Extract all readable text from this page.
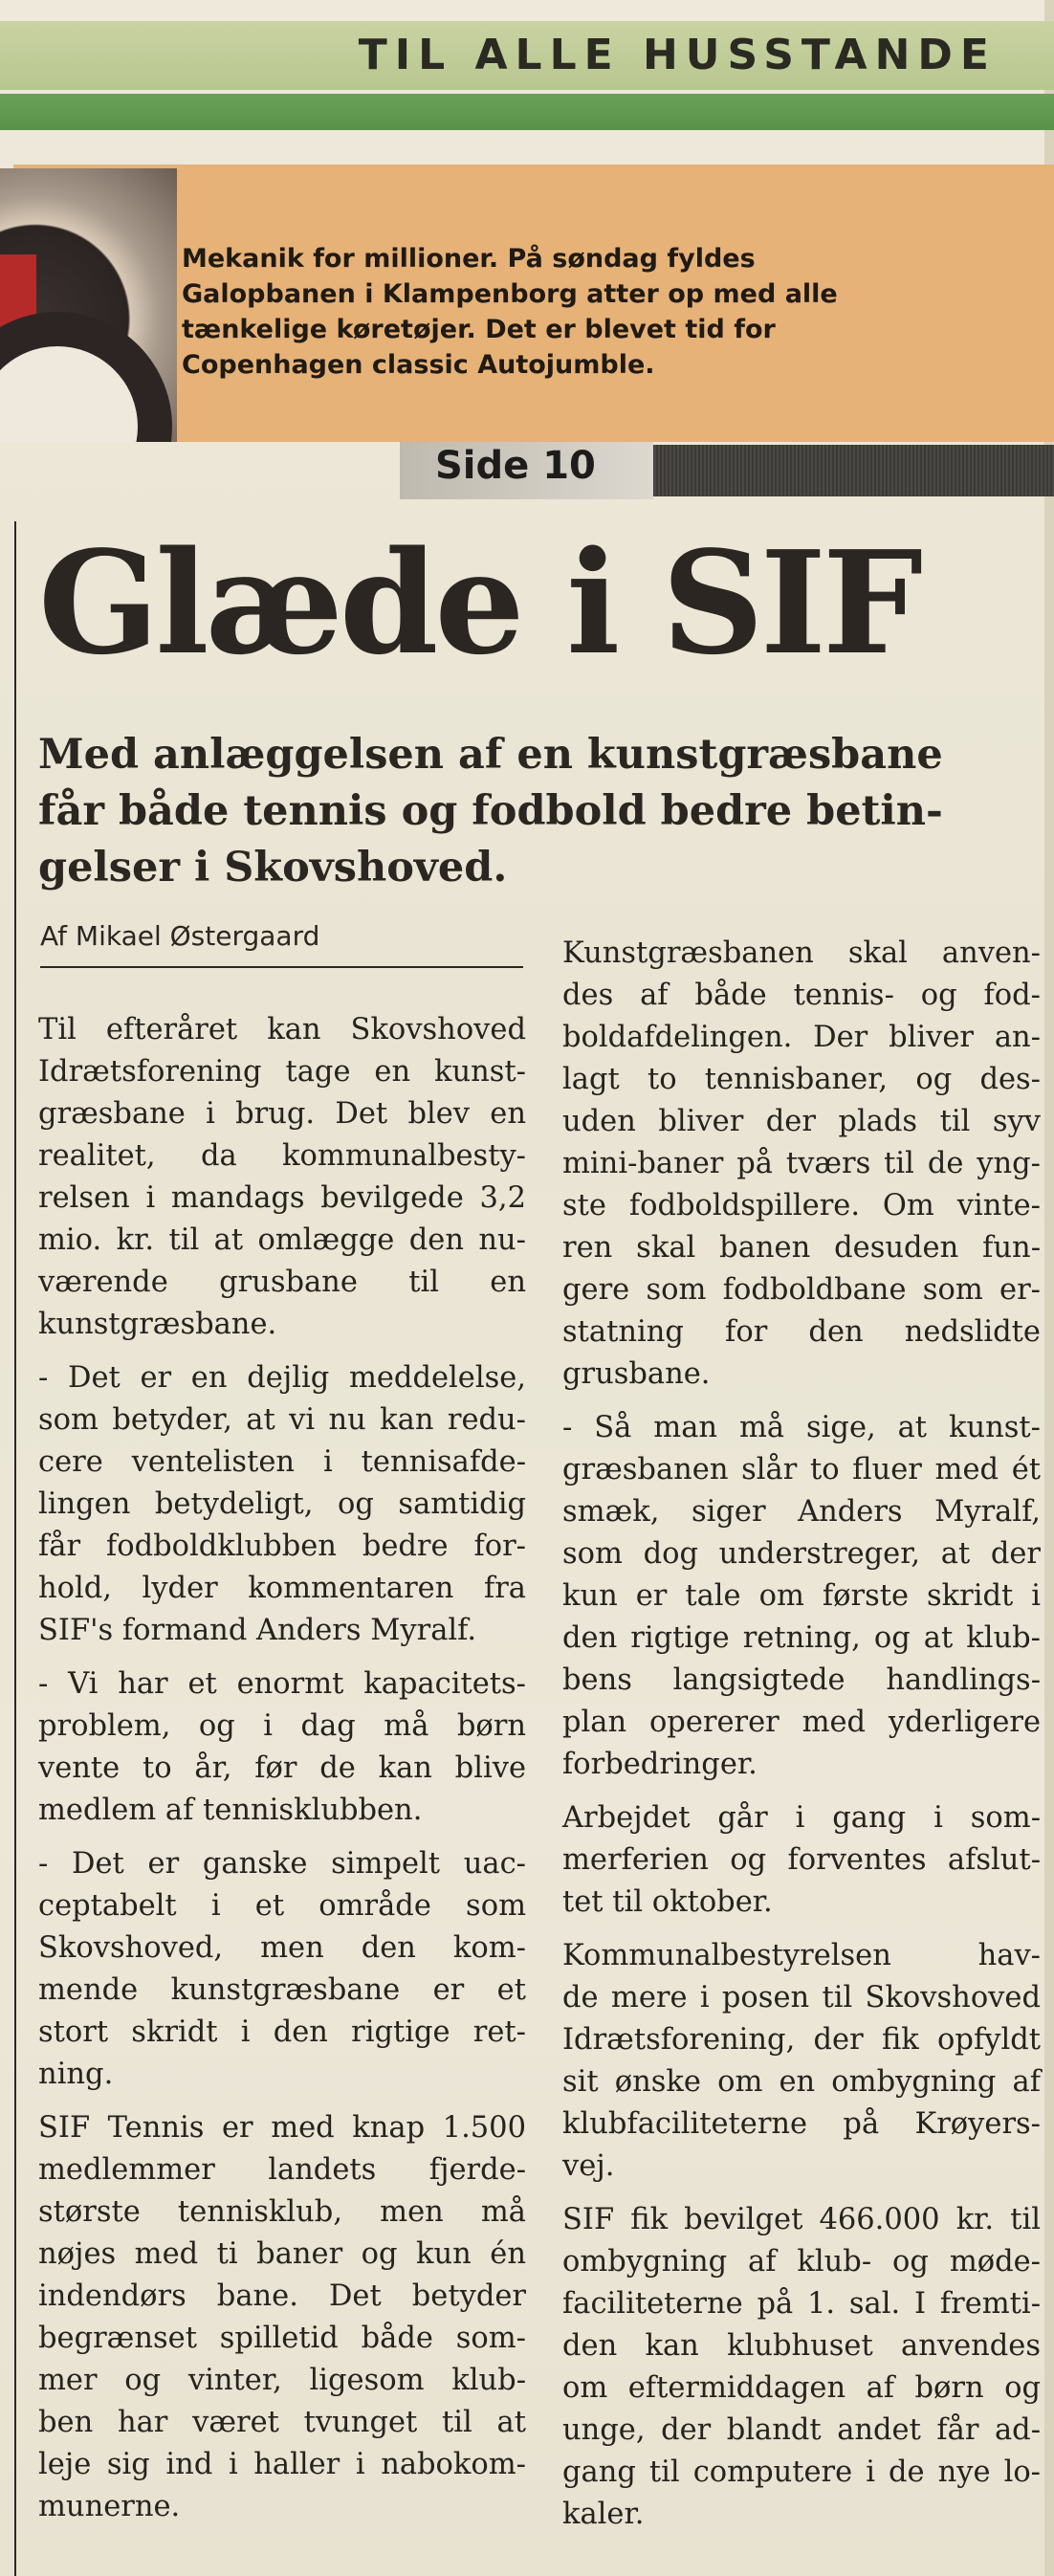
TIL ALLE HUSSTANDE
Mekanik for millioner. På søndag fyldes
Galopbanen i Klampenborg atter op med alle
tænkelige køretøjer. Det er blevet tid for
Copenhagen classic Autojumble.
Side 10
Glæde i SIF
Med anlæggelsen af en kunstgræsbane
får både tennis og fodbold bedre betin-
gelser i Skovshoved.
Af Mikael Østergaard

Til efteråret kan Skovshoved
Idrætsforening tage en kunst-
græsbane i brug. Det blev en
realitet, da kommunalbesty-
relsen i mandags bevilgede 3,2
mio. kr. til at omlægge den nu-
værende grusbane til en
kunstgræsbane.

- Det er en dejlig meddelelse,
som betyder, at vi nu kan redu-
cere ventelisten i tennisafde-
lingen betydeligt, og samtidig
får fodboldklubben bedre for-
hold, lyder kommentaren fra
SIF's formand Anders Myralf.

- Vi har et enormt kapacitets-
problem, og i dag må børn
vente to år, før de kan blive
medlem af tennisklubben.

- Det er ganske simpelt uac-
ceptabelt i et område som
Skovshoved, men den kom-
mende kunstgræsbane er et
stort skridt i den rigtige ret-
ning.

SIF Tennis er med knap 1.500
medlemmer landets fjerde-
største tennisklub, men må
nøjes med ti baner og kun én
indendørs bane. Det betyder
begrænset spilletid både som-
mer og vinter, ligesom klub-
ben har været tvunget til at
leje sig ind i haller i nabokom-
munerne.

Kunstgræsbanen skal anven-
des af både tennis- og fod-
boldafdelingen. Der bliver an-
lagt to tennisbaner, og des-
uden bliver der plads til syv
mini-baner på tværs til de yng-
ste fodboldspillere. Om vinte-
ren skal banen desuden fun-
gere som fodboldbane som er-
statning for den nedslidte
grusbane.

- Så man må sige, at kunst-
græsbanen slår to fluer med ét
smæk, siger Anders Myralf,
som dog understreger, at der
kun er tale om første skridt i
den rigtige retning, og at klub-
bens langsigtede handlings-
plan opererer med yderligere
forbedringer.

Arbejdet går i gang i som-
merferien og forventes afslut-
tet til oktober.

Kommunalbestyrelsen hav-
de mere i posen til Skovshoved
Idrætsforening, der fik opfyldt
sit ønske om en ombygning af
klubfaciliteterne på Krøyers-
vej.

SIF fik bevilget 466.000 kr. til
ombygning af klub- og møde-
faciliteterne på 1. sal. I fremti-
den kan klubhuset anvendes
om eftermiddagen af børn og
unge, der blandt andet får ad-
gang til computere i de nye lo-
kaler.
